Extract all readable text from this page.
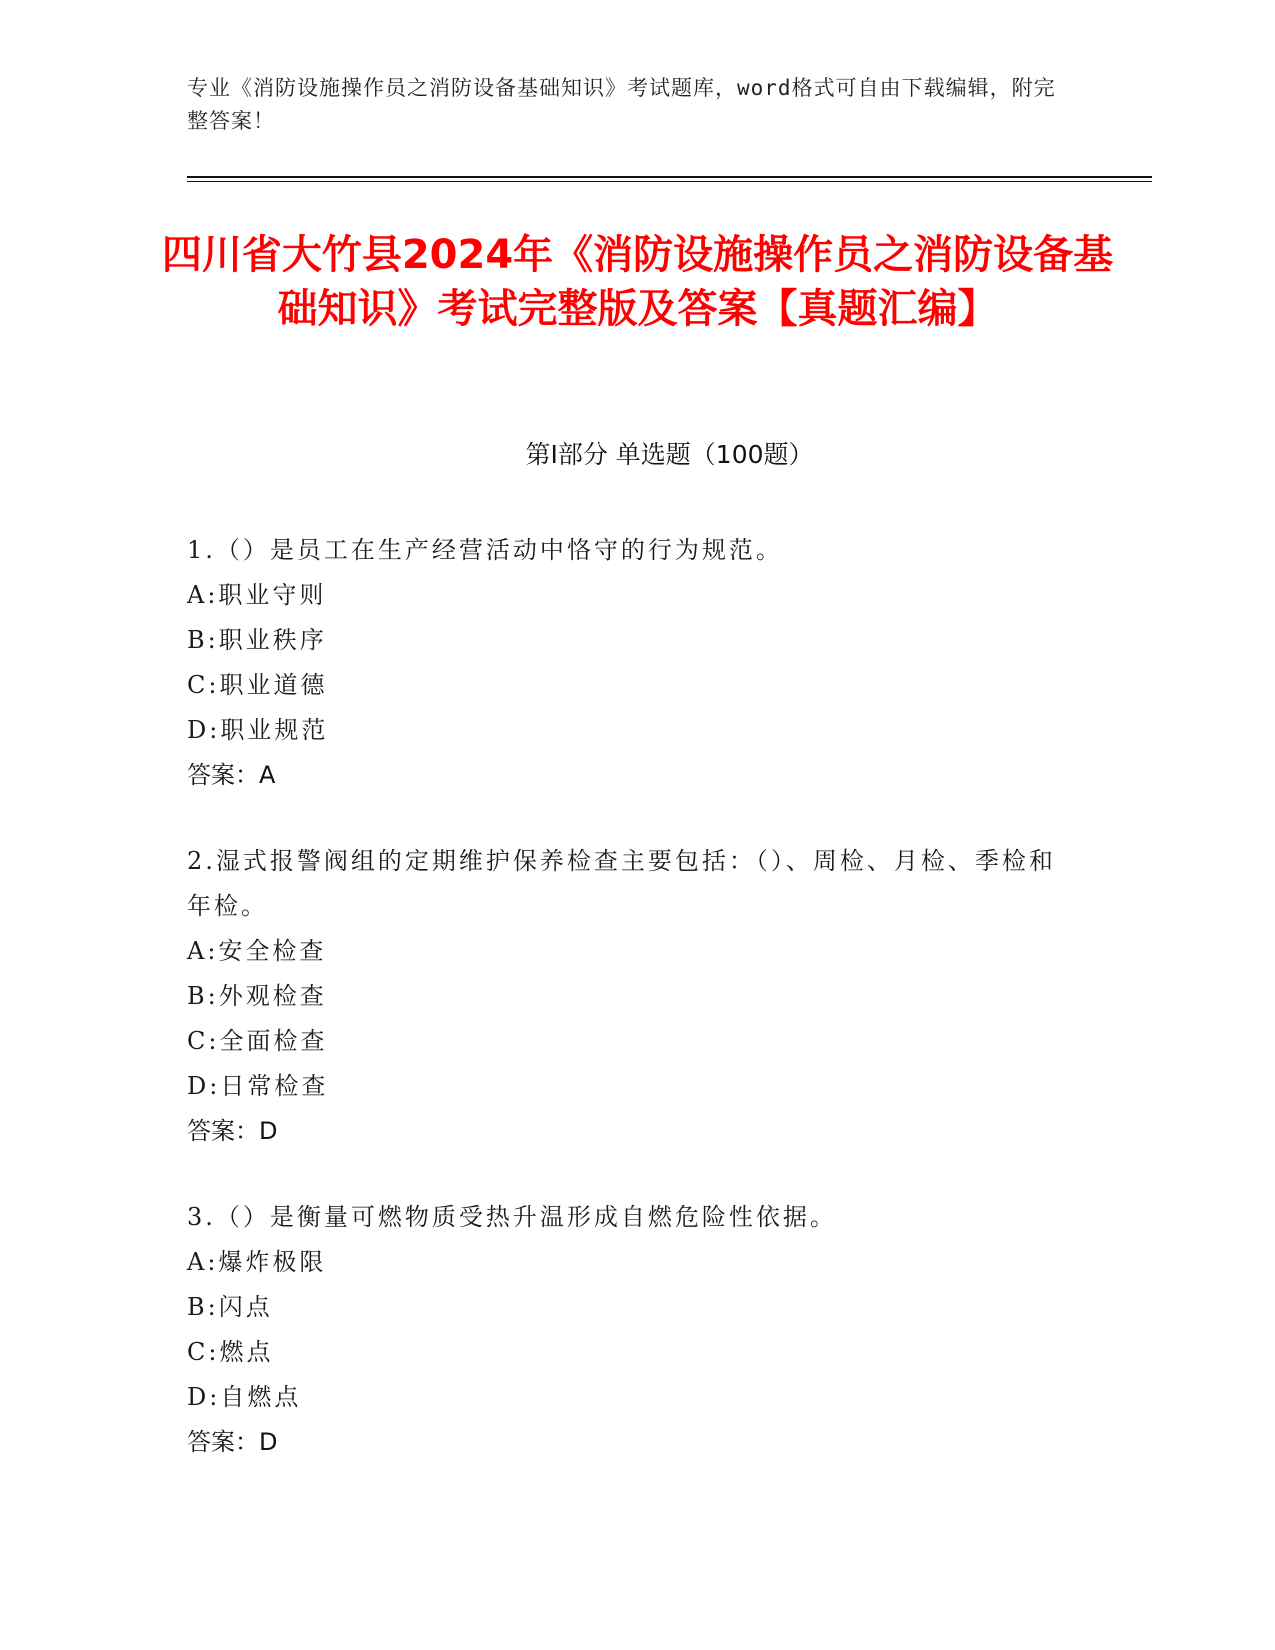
专业《消防设施操作员之消防设备基础知识》考试题库，word格式可自由下载编辑，附完整答案！
四川省大竹县2024年《消防设施操作员之消防设备基础知识》考试完整版及答案【真题汇编】
第I部分 单选题（100题）
1.（）是员工在生产经营活动中恪守的行为规范。
A:职业守则
B:职业秩序
C:职业道德
D:职业规范
答案：A
2.湿式报警阀组的定期维护保养检查主要包括：（）、周检、月检、季检和年检。
A:安全检查
B:外观检查
C:全面检查
D:日常检查
答案：D
3.（）是衡量可燃物质受热升温形成自燃危险性依据。
A:爆炸极限
B:闪点
C:燃点
D:自燃点
答案：D
